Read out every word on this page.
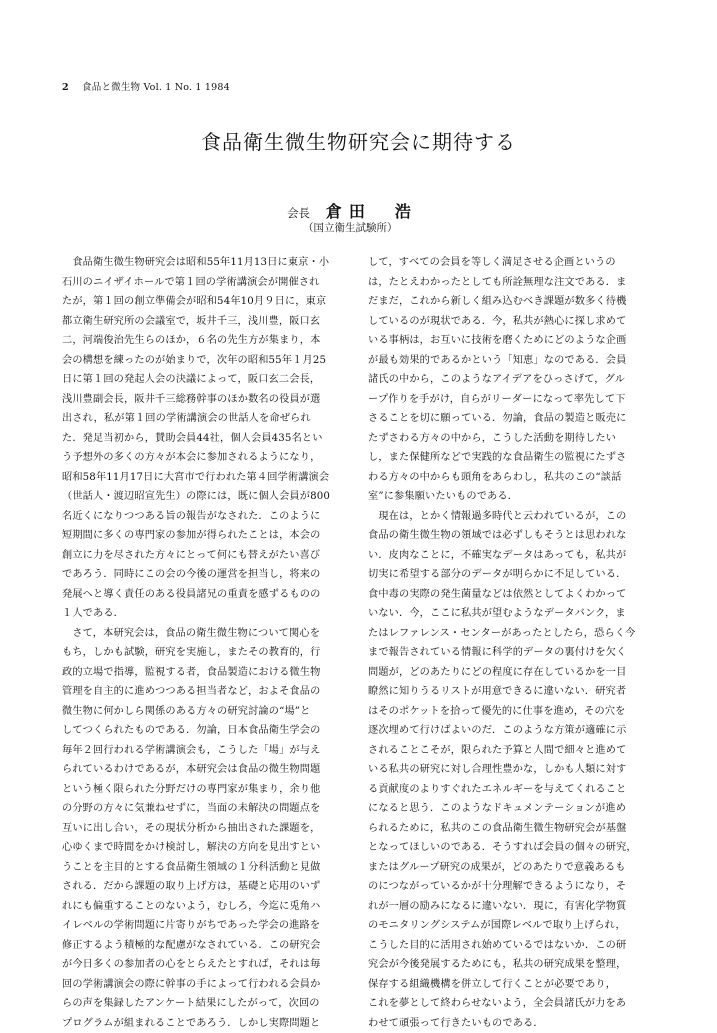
2 食品と微生物 Vol. 1 No. 1 1984
食品衛生微生物研究会に期待する
会長 倉田　浩
（国立衛生試験所）
　食品衛生微生物研究会は昭和55年11月13日に東京・小
石川のニイザイホールで第１回の学術講演会が開催され
たが，第１回の創立準備会が昭和54年10月９日に，東京
都立衛生研究所の会議室で，坂井千三，浅川豊，阪口玄
二，河端俊治先生らのほか，６名の先生方が集まり，本
会の構想を練ったのが始まりで，次年の昭和55年１月25
日に第１回の発起人会の決議によって，阪口玄二会長，
浅川豊副会長，阪井千三総務幹事のほか数名の役員が選
出され，私が第１回の学術講演会の世話人を命ぜられ
た．発足当初から，賛助会員44社，個人会員435名とい
う予想外の多くの方々が本会に参加されるようになり，
昭和58年11月17日に大宮市で行われた第４回学術講演会
（世話人・渡辺昭宣先生）の際には，既に個人会員が800
名近くになりつつある旨の報告がなされた．このように
短期間に多くの専門家の参加が得られたことは，本会の
創立に力を尽された方々にとって何にも替えがたい喜び
であろう．同時にこの会の今後の運営を担当し，将来の
発展へと導く責任のある役員諸兄の重責を感ずるものの
１人である．
　さて，本研究会は，食品の衛生微生物について関心を
もち，しかも試験，研究を実施し，またその教育的，行
政的立場で指導，監視する者，食品製造における微生物
管理を自主的に進めつつある担当者など，およそ食品の
微生物に何かしら関係のある方々の研究討論の“場”と
してつくられたものである．勿論，日本食品衛生学会の
毎年２回行われる学術講演会も，こうした「場」が与え
られているわけであるが，本研究会は食品の微生物問題
という極く限られた分野だけの専門家が集まり，余り他
の分野の方々に気兼ねせずに，当面の未解決の問題点を
互いに出し合い，その現状分析から抽出された課題を，
心ゆくまで時間をかけ検討し，解決の方向を見出すとい
うことを主目的とする食品衛生領域の１分科活動と見做
される．だから課題の取り上げ方は，基礎と応用のいず
れにも偏重することのないよう，むしろ，今迄に兎角ハ
イレベルの学術問題に片寄りがちであった学会の進路を
修正するよう積極的な配慮がなされている．この研究会
が今日多くの参加者の心をとらえたとすれば，それは毎
回の学術講演会の際に幹事の手によって行われる会員か
らの声を集録したアンケート結果にしたがって，次回の
プログラムが組まれることであろう．しかし実際問題と
して，すべての会員を等しく満足させる企画というの
は，たとえわかったとしても所詮無理な注文である．ま
だまだ，これから新しく組み込むべき課題が数多く待機
しているのが現状である．今，私共が熱心に探し求めて
いる事柄は，お互いに技術を磨くためにどのような企画
が最も効果的であるかという「知恵」なのである．会員
諸氏の中から，このようなアイデアをひっさげて，グル
ープ作りを手がけ，自らがリーダーになって率先して下
さることを切に願っている．勿論，食品の製造と販売に
たずさわる方々の中から，こうした活動を期待したい
し，また保健所などで実践的な食品衛生の監視にたずさ
わる方々の中からも頭角をあらわし，私共のこの“談話
室”に参集願いたいものである．
　現在は，とかく情報過多時代と云われているが，この
食品の衛生微生物の領域では必ずしもそうとは思われな
い．皮肉なことに，不確実なデータはあっても，私共が
切実に希望する部分のデータが明らかに不足している．
食中毒の実際の発生菌量などは依然としてよくわかって
いない．今，ここに私共が望むようなデータバンク，ま
たはレファレンス・センターがあったとしたら，恐らく今
まで報告されている情報に科学的データの裏付けを欠く
問題が，どのあたりにどの程度に存在しているかを一目
瞭然に知りうるリストが用意できるに違いない．研究者
はそのポケットを拾って優先的に仕事を進め，その穴を
逐次埋めて行けばよいのだ．このような方策が適確に示
されることこそが，限られた予算と人間で細々と進めて
いる私共の研究に対し合理性豊かな，しかも人類に対す
る貢献度のよりすぐれたエネルギーを与えてくれること
になると思う．このようなドキュメンテーションが進め
られるために，私共のこの食品衛生微生物研究会が基盤
となってほしいのである．そうすれば会員の個々の研究，
またはグループ研究の成果が，どのあたりで意義あるも
のにつながっているかが十分理解できるようになり，そ
れが一層の励みになるに違いない．現に，有害化学物質
のモニタリングシステムが国際レベルで取り上げられ，
こうした目的に活用され始めているではないか．この研
究会が今後発展するためにも，私共の研究成果を整理，
保存する組織機構を併立して行くことが必要であり，
これを夢として終わらせないよう，全会員諸氏が力をあ
わせて頑張って行きたいものである．
